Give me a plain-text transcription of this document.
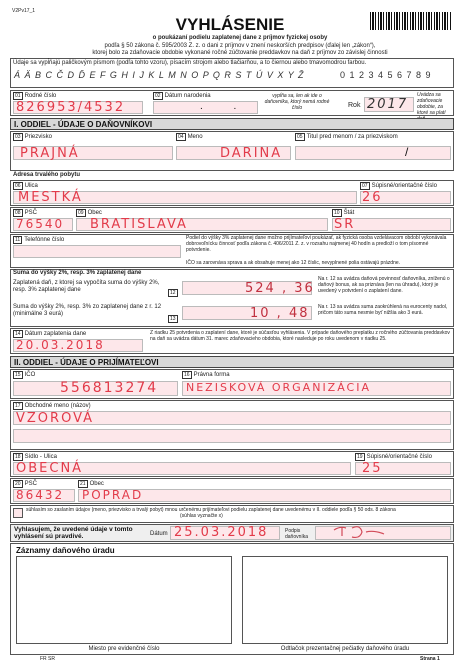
V2Pv17_1
VYHLÁSENIE
o poukázaní podielu zaplatenej dane z príjmov fyzickej osoby
podľa § 50 zákona č. 595/2003 Z. z. o dani z príjmov v znení neskorších predpisov (ďalej len „zákon“),
ktorej bolo za zdaňovacie obdobie vykonané ročné zúčtovanie preddavkov na daň z príjmov zo závislej činnosti
Údaje sa vypĺňajú paličkovým písmom (podľa tohto vzoru), písacím strojom alebo tlačiarňou, a to čiernou alebo tmavomodrou farbou.
Á Ä B C Č D Ď E F G H I J K L M N O P Q R S T Ú V X Y Ž	0 1 2 3 4 5 6 7 8 9
01 Rodné číslo
826953/4532
02 Dátum narodenia
. .
vypĺňa sa, len ak ide o daňovníka, ktorý nemá rodné číslo	Rok 2017
Uvádza sa zdaňovacie obdobie, za ktoré sa platí
I. ODDIEL - ÚDAJE O DAŇOVNÍKOVI
03 Priezvisko
PRAJNÁ
04 Meno
DARINA
05 Titul pred menom / za priezviskom
/
Adresa trvalého pobytu
06 Ulica
MESTKÁ
07 Súpisné/orientačné číslo
26
08 PSČ
76540
09 Obec
BRATISLAVA
10 Štát
SR
11 Telefónne číslo	Podiel do výšky 3% zaplatenej dane možno prijímateľovi poukázať, ak fyzická osoba vzdelávacom období vykonávala dobrovoľnícku činnosť podľa zákona č. 406/2011 Z. z. v rozsahu najmenej 40 hodín a predloží o tom písomné potvrdenie.
IČO sa zarovnáva sprava a ak obsahuje menej ako 12 číslic, nevyplnené polia ostávajú prázdne.
Suma do výšky 2%, resp. 3% zaplatenej dane
Zaplatená daň, z ktorej sa vypočíta suma do výšky 2%, resp. 3% zaplatenej dane	12	524 , 36
Suma do výšky 2%, resp. 3% zo zaplatenej dane z r. 12 (minimálne 3 eurá)
13	10 , 48
Na r. 12 sa uvádza daňová povinnosť daňovníka, zníženú o daňový bonus, ak sa priznáva (len na úhradu), ktorý je uvedený v potvrdení o zaplatení dane.
Na r. 13 sa uvádza suma zaokrúhlená na eurocenty nadol, pričom táto suma nesmie byť nižšia ako 3 eurá.
14 Dátum zaplatenia dane
20.03.2018
Z riadku 25 potvrdenia o zaplatení dane, ktoré je súčasťou vyhlásenia. V prípade daňového preplatku z ročného zúčtovania preddavkov na daň sa uvádza dátum 31. marec zdaňovacieho obdobia, ktoré nasleduje po roku uvedenom v riadku 25.
II. ODDIEL - ÚDAJE O PRIJÍMATEĽOVI
15 IČO
556813274
16 Právna forma
NEZISKOVÁ ORGANIZÁCIA
17 Obchodné meno (názov)
VZOROVÁ
18 Sídlo - Ulica
OBECNÁ
19 Súpisné/orientačné číslo
25
20 PSČ
86432
21 Obec
POPRAD
súhlasím so zaslaním údajov (meno, priezvisko a trvalý pobyt) mnou určenému prijímateľovi podielu zaplatenej dane uvedenému v II. oddiele podľa § 50 ods. 8 zákona
(súhlas vyznačte x)
Vyhlasujem, že uvedené údaje v tomto vyhlásení sú pravdivé.	Dátum 25.03.2018	Podpis daňovníka
Záznamy daňového úradu
Miesto pre evidenčné číslo	Odtlačok prezentačnej pečiatky daňového úradu
FR SR	Strana 1
